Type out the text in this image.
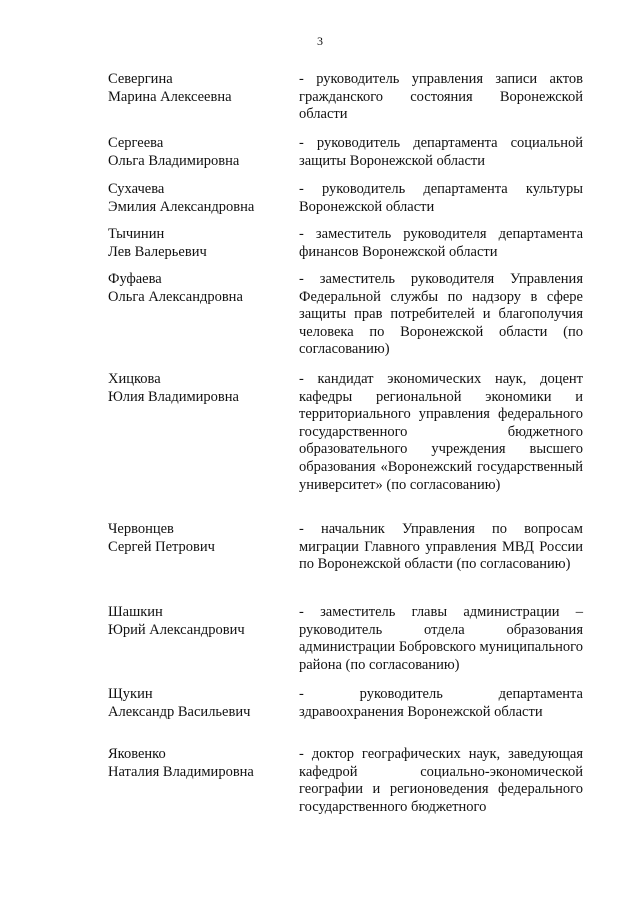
3
Севергина
Марина Алексеевна
- руководитель управления записи актов гражданского состояния Воронежской области
Сергеева
Ольга Владимировна
- руководитель департамента социальной защиты Воронежской области
Сухачева
Эмилия Александровна
- руководитель департамента культуры Воронежской области
Тычинин
Лев Валерьевич
- заместитель руководителя департамента финансов Воронежской области
Фуфаева
Ольга Александровна
- заместитель руководителя Управления Федеральной службы по надзору в сфере защиты прав потребителей и благополучия человека по Воронежской области (по согласованию)
Хицкова
Юлия Владимировна
- кандидат экономических наук, доцент кафедры региональной экономики и территориального управления федерального государственного бюджетного образовательного учреждения высшего образования «Воронежский государственный университет» (по согласованию)
Червонцев
Сергей Петрович
- начальник Управления по вопросам миграции Главного управления МВД России по Воронежской области (по согласованию)
Шашкин
Юрий Александрович
- заместитель главы администрации – руководитель отдела образования администрации Бобровского муниципального района (по согласованию)
Щукин
Александр Васильевич
- руководитель департамента здравоохранения Воронежской области
Яковенко
Наталия Владимировна
- доктор географических наук, заведующая кафедрой социально-экономической географии и регионоведения федерального государственного бюджетного
